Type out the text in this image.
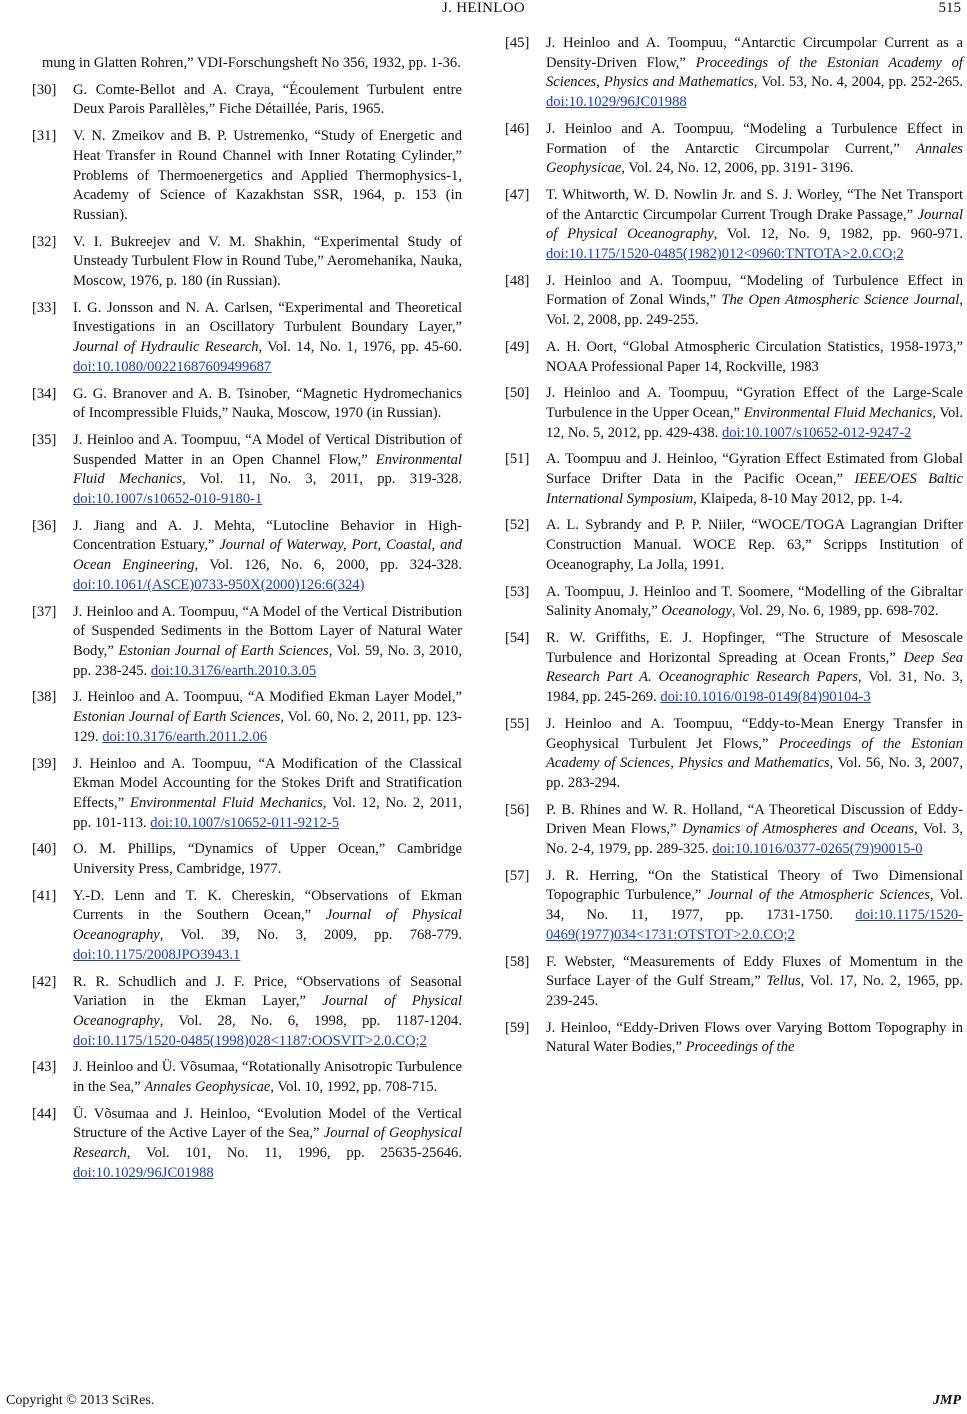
J. HEINLOO	515

mung in Glatten Rohren,” VDI-Forschungsheft No 356, 1932, pp. 1-36.

[30] G. Comte-Bellot and A. Craya, “Écoulement Turbulent entre Deux Parois Parallèles,” Fiche Détaillée, Paris, 1965.

[31] V. N. Zmeikov and B. P. Ustremenko, “Study of Energetic and Heat Transfer in Round Channel with Inner Rotating Cylinder,” Problems of Thermoenergetics and Applied Thermophysics-1, Academy of Science of Kazakhstan SSR, 1964, p. 153 (in Russian).

[32] V. I. Bukreejev and V. M. Shakhin, “Experimental Study of Unsteady Turbulent Flow in Round Tube,” Aeromehanika, Nauka, Moscow, 1976, p. 180 (in Russian).

[33] I. G. Jonsson and N. A. Carlsen, “Experimental and Theoretical Investigations in an Oscillatory Turbulent Boundary Layer,” Journal of Hydraulic Research, Vol. 14, No. 1, 1976, pp. 45-60. doi:10.1080/00221687609499687

[34] G. G. Branover and A. B. Tsinober, “Magnetic Hydromechanics of Incompressible Fluids,” Nauka, Moscow, 1970 (in Russian).

[35] J. Heinloo and A. Toompuu, “A Model of Vertical Distribution of Suspended Matter in an Open Channel Flow,” Environmental Fluid Mechanics, Vol. 11, No. 3, 2011, pp. 319-328. doi:10.1007/s10652-010-9180-1

[36] J. Jiang and A. J. Mehta, “Lutocline Behavior in High-Concentration Estuary,” Journal of Waterway, Port, Coastal, and Ocean Engineering, Vol. 126, No. 6, 2000, pp. 324-328. doi:10.1061/(ASCE)0733-950X(2000)126:6(324)

[37] J. Heinloo and A. Toompuu, “A Model of the Vertical Distribution of Suspended Sediments in the Bottom Layer of Natural Water Body,” Estonian Journal of Earth Sciences, Vol. 59, No. 3, 2010, pp. 238-245. doi:10.3176/earth.2010.3.05

[38] J. Heinloo and A. Toompuu, “A Modified Ekman Layer Model,” Estonian Journal of Earth Sciences, Vol. 60, No. 2, 2011, pp. 123-129. doi:10.3176/earth.2011.2.06

[39] J. Heinloo and A. Toompuu, “A Modification of the Classical Ekman Model Accounting for the Stokes Drift and Stratification Effects,” Environmental Fluid Mechanics, Vol. 12, No. 2, 2011, pp. 101-113. doi:10.1007/s10652-011-9212-5

[40] O. M. Phillips, “Dynamics of Upper Ocean,” Cambridge University Press, Cambridge, 1977.

[41] Y.-D. Lenn and T. K. Chereskin, “Observations of Ekman Currents in the Southern Ocean,” Journal of Physical Oceanography, Vol. 39, No. 3, 2009, pp. 768-779. doi:10.1175/2008JPO3943.1

[42] R. R. Schudlich and J. F. Price, “Observations of Seasonal Variation in the Ekman Layer,” Journal of Physical Oceanography, Vol. 28, No. 6, 1998, pp. 1187-1204. doi:10.1175/1520-0485(1998)028<1187:OOSVIT>2.0.CO;2

[43] J. Heinloo and Ü. Võsumaa, “Rotationally Anisotropic Turbulence in the Sea,” Annales Geophysicae, Vol. 10, 1992, pp. 708-715.

[44] Ü. Võsumaa and J. Heinloo, “Evolution Model of the Vertical Structure of the Active Layer of the Sea,” Journal of Geophysical Research, Vol. 101, No. 11, 1996, pp. 25635-25646. doi:10.1029/96JC01988

[45] J. Heinloo and A. Toompuu, “Antarctic Circumpolar Current as a Density-Driven Flow,” Proceedings of the Estonian Academy of Sciences, Physics and Mathematics, Vol. 53, No. 4, 2004, pp. 252-265. doi:10.1029/96JC01988

[46] J. Heinloo and A. Toompuu, “Modeling a Turbulence Effect in Formation of the Antarctic Circumpolar Current,” Annales Geophysicae, Vol. 24, No. 12, 2006, pp. 3191- 3196.

[47] T. Whitworth, W. D. Nowlin Jr. and S. J. Worley, “The Net Transport of the Antarctic Circumpolar Current Trough Drake Passage,” Journal of Physical Oceanography, Vol. 12, No. 9, 1982, pp. 960-971. doi:10.1175/1520-0485(1982)012<0960:TNTOTA>2.0.CO;2

[48] J. Heinloo and A. Toompuu, “Modeling of Turbulence Effect in Formation of Zonal Winds,” The Open Atmospheric Science Journal, Vol. 2, 2008, pp. 249-255.

[49] A. H. Oort, “Global Atmospheric Circulation Statistics, 1958-1973,” NOAA Professional Paper 14, Rockville, 1983

[50] J. Heinloo and A. Toompuu, “Gyration Effect of the Large-Scale Turbulence in the Upper Ocean,” Environmental Fluid Mechanics, Vol. 12, No. 5, 2012, pp. 429-438. doi:10.1007/s10652-012-9247-2

[51] A. Toompuu and J. Heinloo, “Gyration Effect Estimated from Global Surface Drifter Data in the Pacific Ocean,” IEEE/OES Baltic International Symposium, Klaipeda, 8-10 May 2012, pp. 1-4.

[52] A. L. Sybrandy and P. P. Niiler, “WOCE/TOGA Lagrangian Drifter Construction Manual. WOCE Rep. 63,” Scripps Institution of Oceanography, La Jolla, 1991.

[53] A. Toompuu, J. Heinloo and T. Soomere, “Modelling of the Gibraltar Salinity Anomaly,” Oceanology, Vol. 29, No. 6, 1989, pp. 698-702.

[54] R. W. Griffiths, E. J. Hopfinger, “The Structure of Mesoscale Turbulence and Horizontal Spreading at Ocean Fronts,” Deep Sea Research Part A. Oceanographic Research Papers, Vol. 31, No. 3, 1984, pp. 245-269. doi:10.1016/0198-0149(84)90104-3

[55] J. Heinloo and A. Toompuu, “Eddy-to-Mean Energy Transfer in Geophysical Turbulent Jet Flows,” Proceedings of the Estonian Academy of Sciences, Physics and Mathematics, Vol. 56, No. 3, 2007, pp. 283-294.

[56] P. B. Rhines and W. R. Holland, “A Theoretical Discussion of Eddy-Driven Mean Flows,” Dynamics of Atmospheres and Oceans, Vol. 3, No. 2-4, 1979, pp. 289-325. doi:10.1016/0377-0265(79)90015-0

[57] J. R. Herring, “On the Statistical Theory of Two Dimensional Topographic Turbulence,” Journal of the Atmospheric Sciences, Vol. 34, No. 11, 1977, pp. 1731-1750. doi:10.1175/1520-0469(1977)034<1731:OTSTOT>2.0.CO;2

[58] F. Webster, “Measurements of Eddy Fluxes of Momentum in the Surface Layer of the Gulf Stream,” Tellus, Vol. 17, No. 2, 1965, pp. 239-245.

[59] J. Heinloo, “Eddy-Driven Flows over Varying Bottom Topography in Natural Water Bodies,” Proceedings of the

Copyright © 2013 SciRes.	JMP
